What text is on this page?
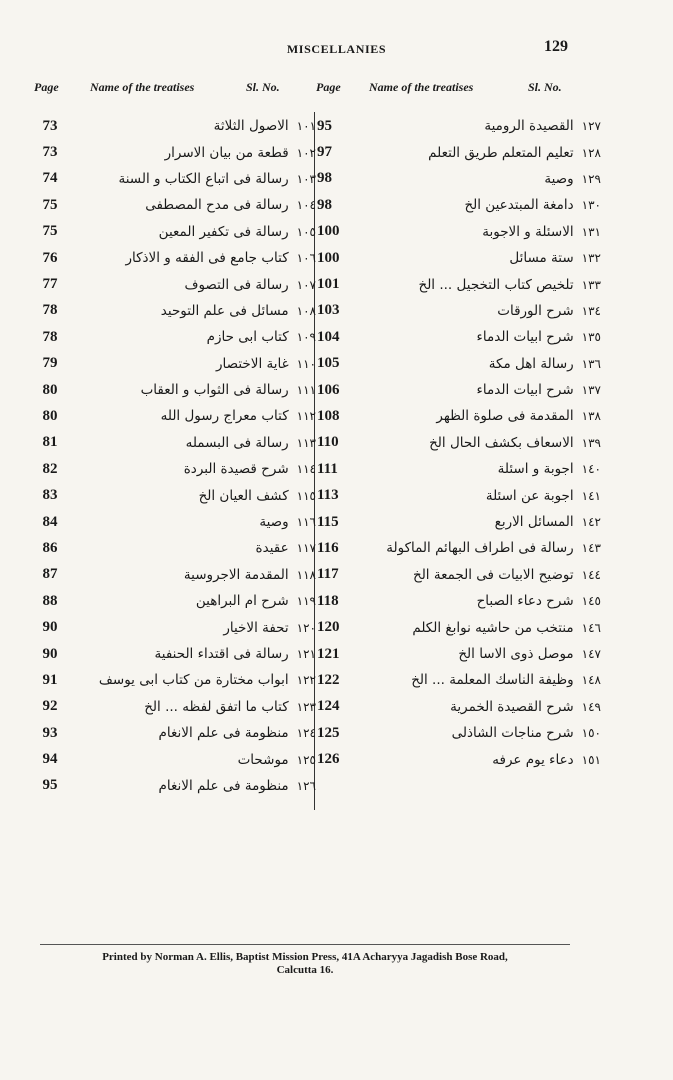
MISCELLANIES	129
Page	Name of the treatises	Sl. No.	Page Name of the treatises	Sl. No.
73	الاصول الثلاثة ١٠١
73	قطعة من بيان الاسرار ١٠٢
74	رسالة فی اتباع الكتاب و السنة ١٠٣
75	رسالة فی مدح المصطفی ١٠٤
75	رسالة فی تكفير المعين ١٠٥
76	كتاب جامع فی الفقه و الاذكار ١٠٦
77	رسالة فی التصوف ١٠٧
78	مسائل فی علم التوحيد ١٠٨
78	كتاب ابی حازم ١٠٩
79	غاية الاختصار ١١٠
80	رسالة فی الثواب و العقاب ١١١
80	كتاب معراج رسول الله ١١٢
81	رسالة فی البسمله ١١٣
82	شرح قصيدة البردة ١١٤
83	كشف العيان الخ ١١٥
84	وصية ١١٦
86	عقيدة ١١٧
87	المقدمة الاجروسية ١١٨
88	شرح ام البراهين ١١٩
90	تحفة الاخيار ١٢٠
90	رسالة فی اقتداء الحنفية ١٢١
91	ابواب مختارة من كتاب ابی يوسف ١٢٢
92	كتاب ما اتفق لفظه ... الخ ١٢٣
93	منظومة فی علم الانغام ١٢٤
94	موشحات ١٢٥
95	منظومة فی علم الانغام ١٢٦
95	القصيدة الرومية ١٢٧
97	تعليم المتعلم طريق التعلم ١٢٨
98	وصية ١٢٩
98	دامغة المبتدعين الخ ١٣٠
100	الاسئلة و الاجوبة ١٣١
100	ستة مسائل ١٣٢
101	تلخيص كتاب التخجيل ... الخ ١٣٣
103	شرح الورقات ١٣٤
104	شرح ابيات الدماء ١٣٥
105	رسالة اهل مكة ١٣٦
106	شرح ابيات الدماء ١٣٧
108	المقدمة فی صلوة الظهر ١٣٨
110	الاسعاف بكشف الحال الخ ١٣٩
111	اجوبة و اسئلة ١٤٠
113	اجوبة عن اسئلة ١٤١
115	المسائل الاربع ١٤٢
116	رسالة فی اطراف البهائم الماكولة ١٤٣
117	توضيح الابيات فی الجمعة الخ ١٤٤
118	شرح دعاء الصباح ١٤٥
120	منتخب من حاشيه نوابغ الكلم ١٤٦
121	موصل ذوی الاسا الخ ١٤٧
122	وظيفة الناسك المعلمة ... الخ ١٤٨
124	شرح القصيدة الخمرية ١٤٩
125	شرح مناجات الشاذلی ١٥٠
126	دعاء يوم عرفه ١٥١
Printed by Norman A. Ellis, Baptist Mission Press, 41A Acharyya Jagadish Bose Road,
Calcutta 16.
